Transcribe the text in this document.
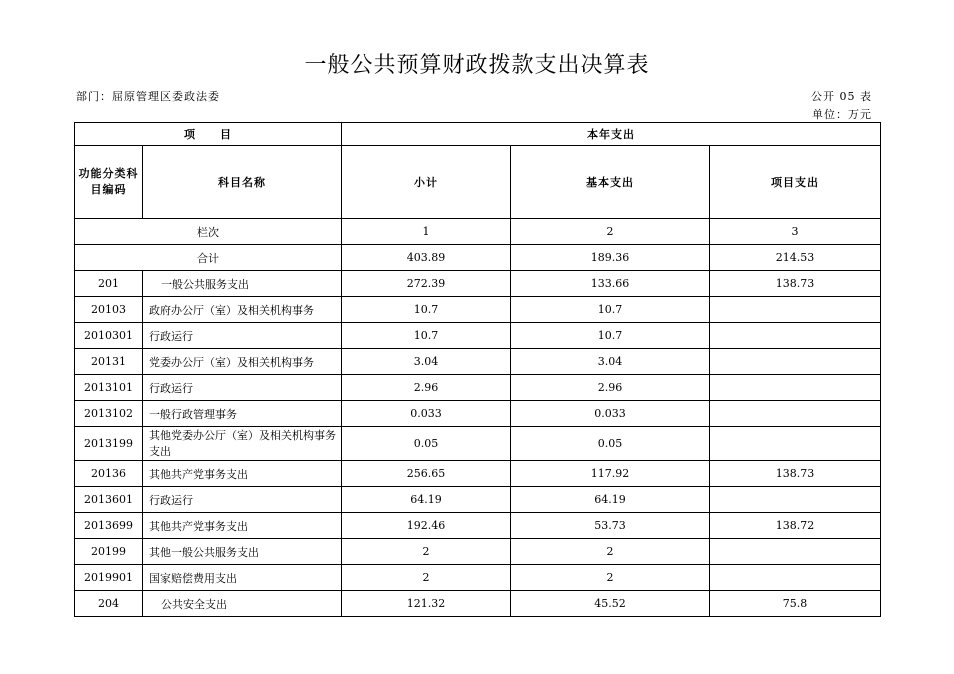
一般公共预算财政拨款支出决算表
部门：屈原管理区委政法委	公开 05 表
单位：万元
项　　目		本年支出		
功能分类科目编码	科目名称	小计	基本支出	项目支出
栏次		1	2	3
合计		403.89	189.36	214.53
201	一般公共服务支出	272.39	133.66	138.73
20103	政府办公厅（室）及相关机构事务	10.7	10.7	
2010301	行政运行	10.7	10.7	
20131	党委办公厅（室）及相关机构事务	3.04	3.04	
2013101	行政运行	2.96	2.96	
2013102	一般行政管理事务	0.033	0.033	
2013199	其他党委办公厅（室）及相关机构事务支出	0.05	0.05	
20136	其他共产党事务支出	256.65	117.92	138.73
2013601	行政运行	64.19	64.19	
2013699	其他共产党事务支出	192.46	53.73	138.72
20199	其他一般公共服务支出	2	2	
2019901	国家赔偿费用支出	2	2	
204	公共安全支出	121.32	45.52	75.8
